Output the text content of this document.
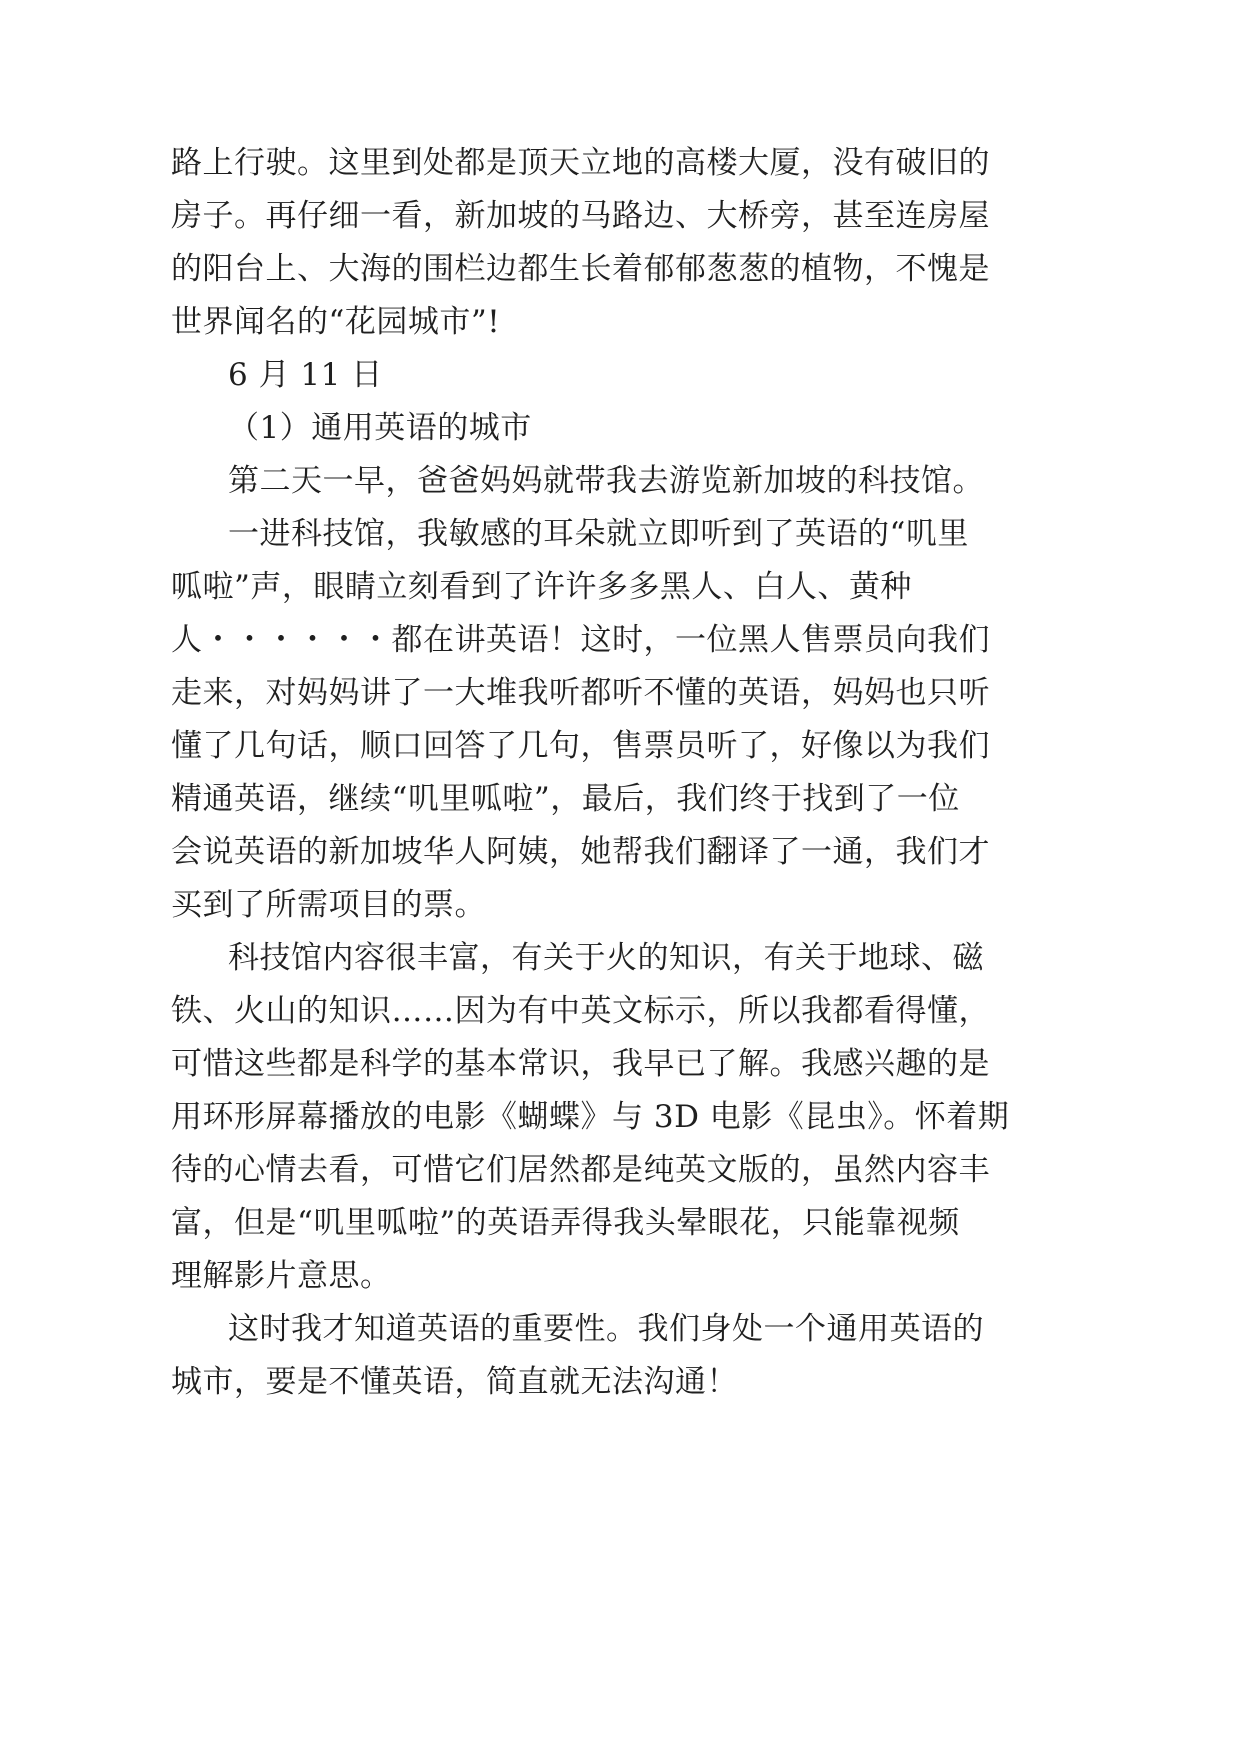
路上行驶。这里到处都是顶天立地的高楼大厦，没有破旧的
房子。再仔细一看，新加坡的马路边、大桥旁，甚至连房屋
的阳台上、大海的围栏边都生长着郁郁葱葱的植物，不愧是
世界闻名的“花园城市”!
6 月 11 日
（1）通用英语的城市
第二天一早，爸爸妈妈就带我去游览新加坡的科技馆。
一进科技馆，我敏感的耳朵就立即听到了英语的“叽里
呱啦”声，眼睛立刻看到了许许多多黑人、白人、黄种
人・・・・・・都在讲英语！这时，一位黑人售票员向我们
走来，对妈妈讲了一大堆我听都听不懂的英语，妈妈也只听
懂了几句话，顺口回答了几句，售票员听了，好像以为我们
精通英语，继续“叽里呱啦”，最后，我们终于找到了一位
会说英语的新加坡华人阿姨，她帮我们翻译了一通，我们才
买到了所需项目的票。
科技馆内容很丰富，有关于火的知识，有关于地球、磁
铁、火山的知识……因为有中英文标示，所以我都看得懂，
可惜这些都是科学的基本常识，我早已了解。我感兴趣的是
用环形屏幕播放的电影《蝴蝶》与 3D 电影《昆虫》。怀着期
待的心情去看，可惜它们居然都是纯英文版的，虽然内容丰
富，但是“叽里呱啦”的英语弄得我头晕眼花，只能靠视频
理解影片意思。
这时我才知道英语的重要性。我们身处一个通用英语的
城市，要是不懂英语，简直就无法沟通！
